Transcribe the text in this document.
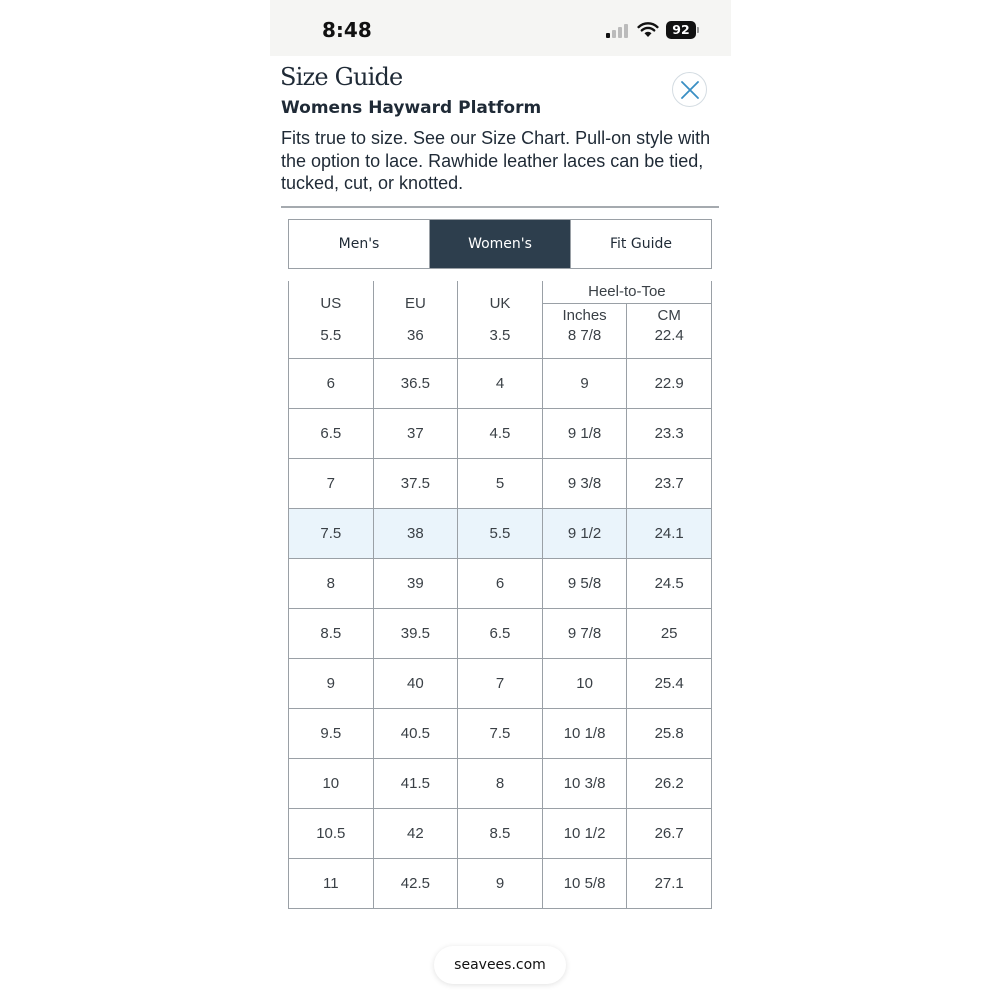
8:48	92
Size Guide
Womens Hayward Platform

Fits true to size. See our Size Chart. Pull-on style with the option to lace. Rawhide leather laces can be tied, tucked, cut, or knotted.

Men's	Women's	Fit Guide
US	EU	UK	Heel-to-Toe	
			Inches	CM
5.5	36	3.5	8 7/8	22.4
6	36.5	4	9	22.9
6.5	37	4.5	9 1/8	23.3
7	37.5	5	9 3/8	23.7
7.5	38	5.5	9 1/2	24.1
8	39	6	9 5/8	24.5
8.5	39.5	6.5	9 7/8	25
9	40	7	10	25.4
9.5	40.5	7.5	10 1/8	25.8
10	41.5	8	10 3/8	26.2
10.5	42	8.5	10 1/2	26.7
11	42.5	9	10 5/8	27.1
seavees.com
